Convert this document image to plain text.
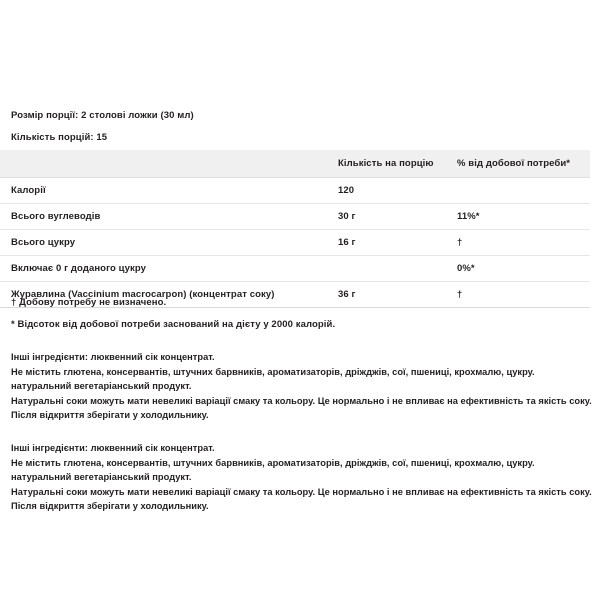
Розмір порції: 2 столові ложки (30 мл)
Кількість порцій: 15
	Кількість на порцію	% від добової потреби*
Калорії	120	
Всього вуглеводів	30 г	11%*
Всього цукру	16 г	†
Включає 0 г доданого цукру		0%*
Журавлина (Vaccinium macrocarpon) (концентрат соку)	36 г	†
† Добову потребу не визначено.
* Відсоток від добової потреби заснований на дієту у 2000 калорій.
Інші інгредієнти: люквенний сік концентрат.
Не містить глютена, консервантів, штучних барвників, ароматизаторів, дріжджів, сої, пшениці, крохмалю, цукру.
натуральний вегетаріанський продукт.
Натуральні соки можуть мати невеликі варіації смаку та кольору. Це нормально і не впливає на ефективність та якість соку.
Після відкриття зберігати у холодильнику.
Інші інгредієнти: люквенний сік концентрат.
Не містить глютена, консервантів, штучних барвників, ароматизаторів, дріжджів, сої, пшениці, крохмалю, цукру.
натуральний вегетаріанський продукт.
Натуральні соки можуть мати невеликі варіації смаку та кольору. Це нормально і не впливає на ефективність та якість соку.
Після відкриття зберігати у холодильнику.
